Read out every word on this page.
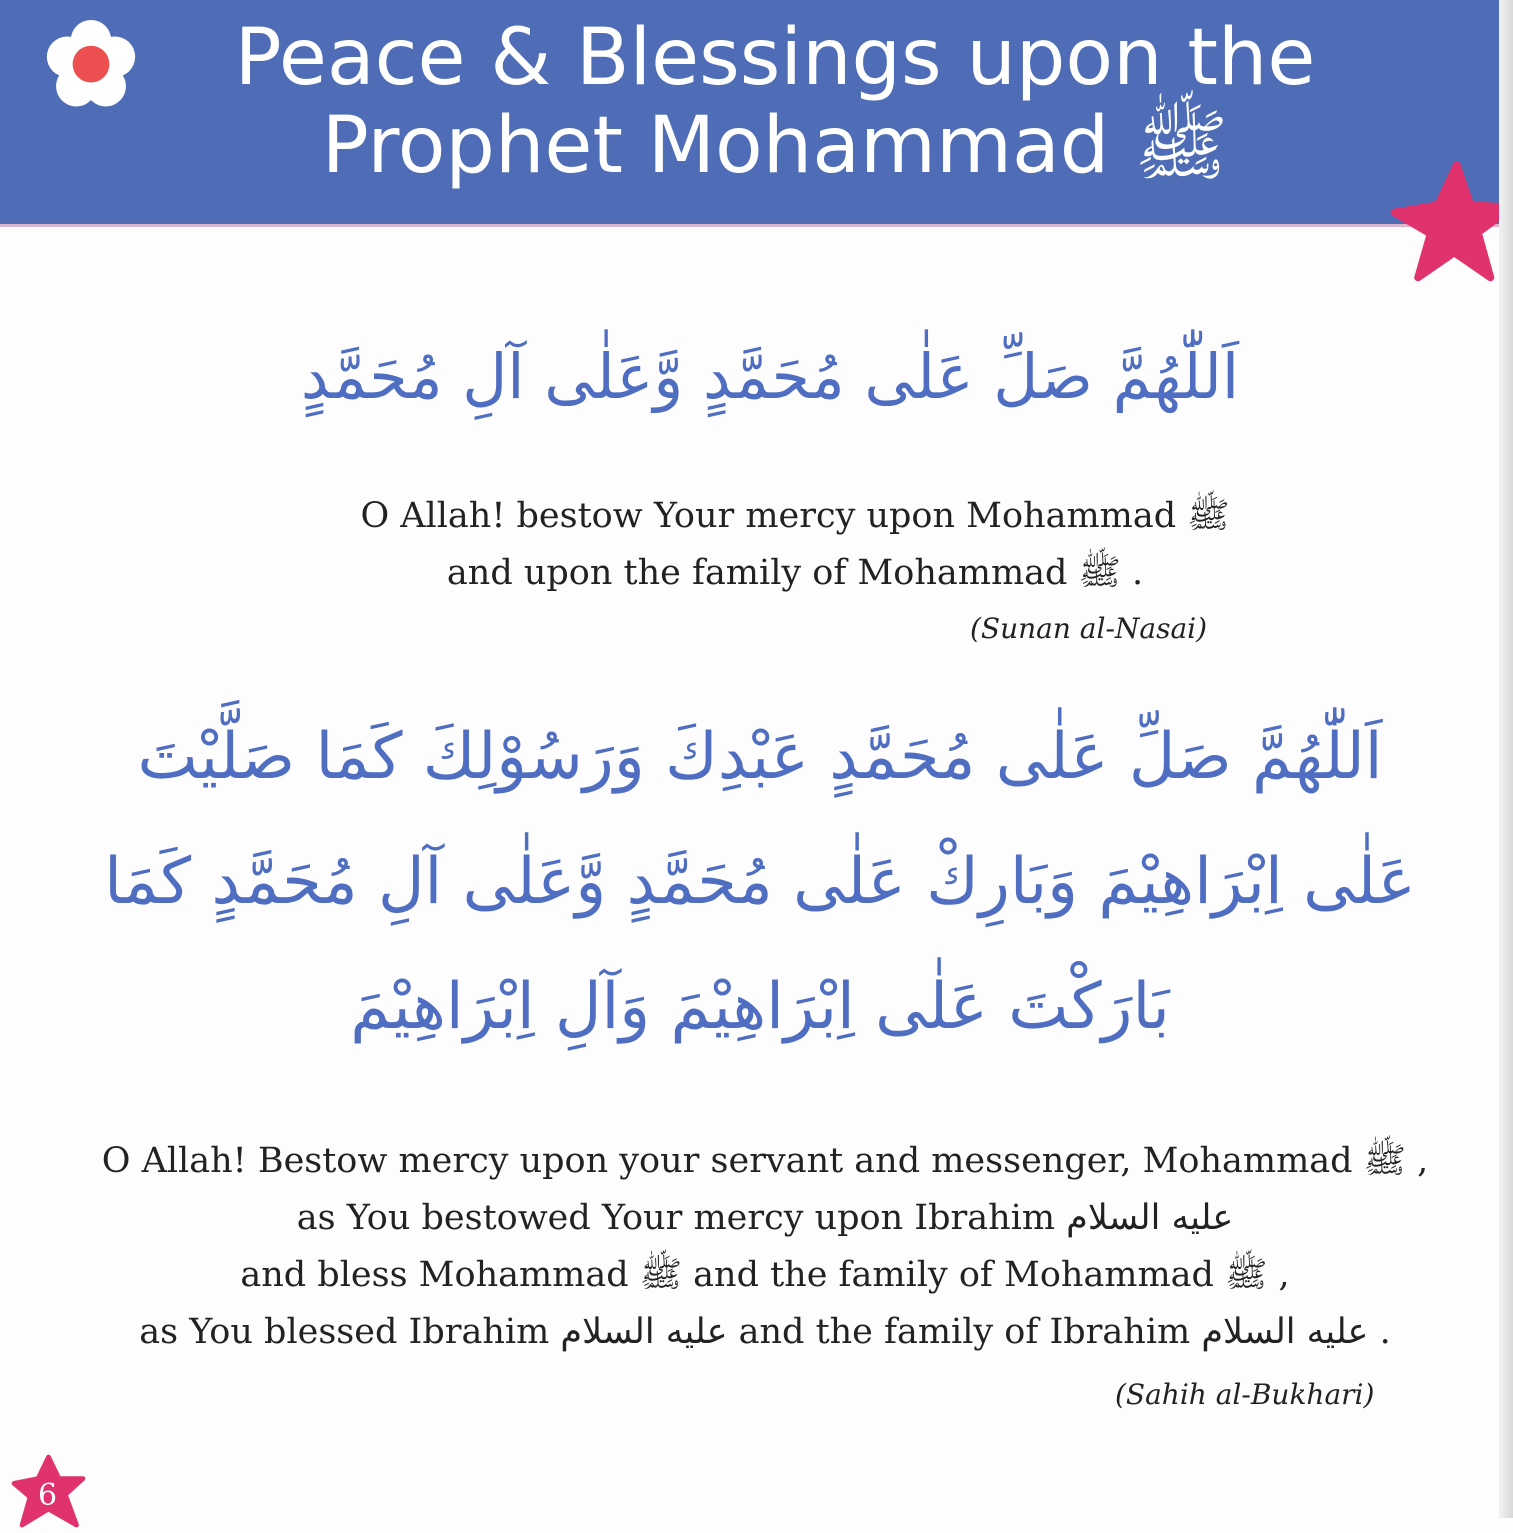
Peace & Blessings upon the
Prophet Mohammad ﷺ
اَللّٰهُمَّ صَلِّ عَلٰى مُحَمَّدٍ وَّعَلٰى آلِ مُحَمَّدٍ
O Allah! bestow Your mercy upon Mohammad ﷺ
and upon the family of Mohammad ﷺ .
(Sunan al-Nasai)
اَللّٰهُمَّ صَلِّ عَلٰى مُحَمَّدٍ عَبْدِكَ وَرَسُوْلِكَ كَمَا صَلَّيْتَ
عَلٰى اِبْرَاهِيْمَ وَبَارِكْ عَلٰى مُحَمَّدٍ وَّعَلٰى آلِ مُحَمَّدٍ كَمَا
بَارَكْتَ عَلٰى اِبْرَاهِيْمَ وَآلِ اِبْرَاهِيْمَ
O Allah! Bestow mercy upon your servant and messenger, Mohammad ﷺ ,
as You bestowed Your mercy upon Ibrahim عليه السلام
and bless Mohammad ﷺ and the family of Mohammad ﷺ ,
as You blessed Ibrahim عليه السلام and the family of Ibrahim عليه السلام .
(Sahih al-Bukhari)
6
